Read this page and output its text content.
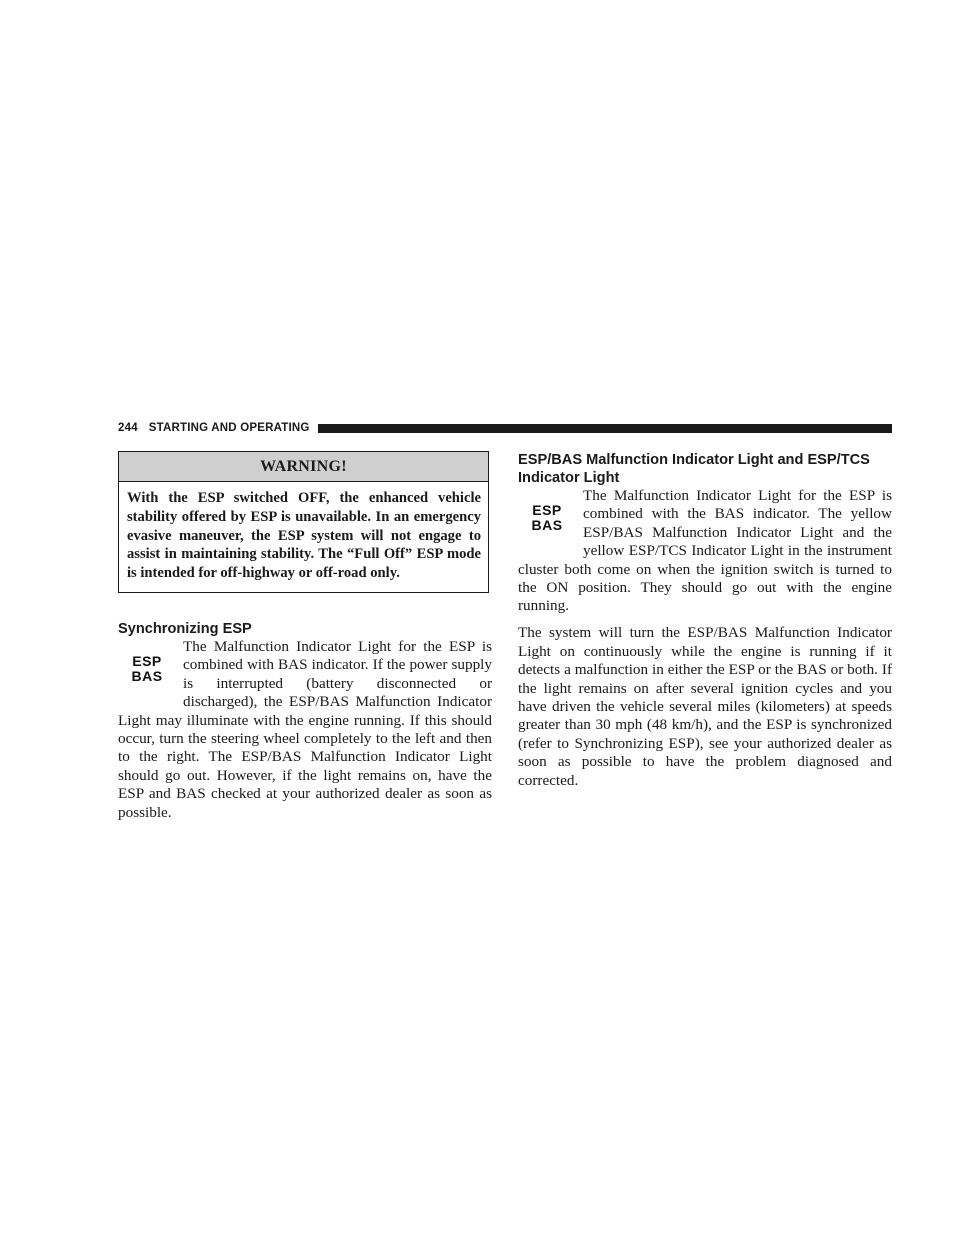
244 STARTING AND OPERATING
WARNING!
With the ESP switched OFF, the enhanced vehicle stability offered by ESP is unavailable. In an emergency evasive maneuver, the ESP system will not engage to assist in maintaining stability. The “Full Off” ESP mode is intended for off-highway or off-road only.
Synchronizing ESP
ESP
BAS

The Malfunction Indicator Light for the ESP is combined with BAS indicator. If the power supply is interrupted (battery disconnected or discharged), the ESP/BAS Malfunction Indicator Light may illuminate with the engine running. If this should occur, turn the steering wheel completely to the left and then to the right. The ESP/BAS Malfunction Indicator Light should go out. However, if the light remains on, have the ESP and BAS checked at your authorized dealer as soon as possible.

ESP/BAS Malfunction Indicator Light and ESP/TCS Indicator Light
ESP
BAS

The Malfunction Indicator Light for the ESP is combined with the BAS indicator. The yellow ESP/BAS Malfunction Indicator Light and the yellow ESP/TCS Indicator Light in the instrument cluster both come on when the ignition switch is turned to the ON position. They should go out with the engine running.

The system will turn the ESP/BAS Malfunction Indicator Light on continuously while the engine is running if it detects a malfunction in either the ESP or the BAS or both. If the light remains on after several ignition cycles and you have driven the vehicle several miles (kilometers) at speeds greater than 30 mph (48 km/h), and the ESP is synchronized (refer to Synchronizing ESP), see your authorized dealer as soon as possible to have the problem diagnosed and corrected.
